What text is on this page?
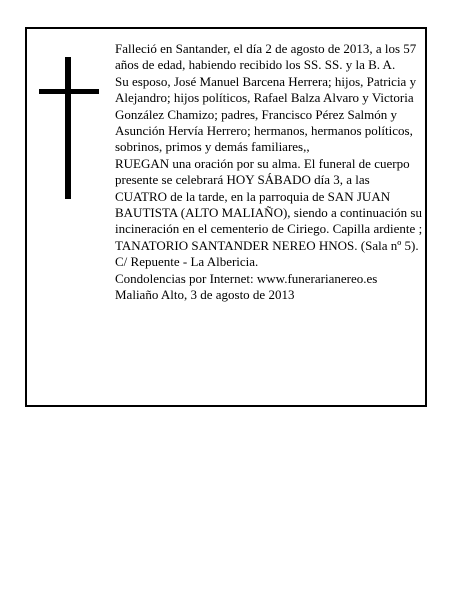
Falleció en Santander, el día 2 de agosto de 2013, a los 57 años de edad, habiendo recibido los SS. SS. y la B. A.

Su esposo, José Manuel Barcena Herrera; hijos, Patricia y Alejandro; hijos políticos, Rafael Balza Alvaro y Victoria González Chamizo; padres, Francisco Pérez Salmón y Asunción Hervía Herrero; hermanos, hermanos políticos, sobrinos, primos y demás familiares,,

RUEGAN una oración por su alma. El funeral de cuerpo presente se celebrará HOY SÁBADO día 3, a las CUATRO de la tarde, en la parroquia de SAN JUAN BAUTISTA (ALTO MALIAÑO), siendo a continuación su incineración en el cementerio de Ciriego. Capilla ardiente ; TANATORIO SANTANDER NEREO HNOS. (Sala nº 5). C/ Repuente - La Albericia.

Condolencias por Internet: www.funerarianereo.es

Maliaño Alto, 3 de agosto de 2013
